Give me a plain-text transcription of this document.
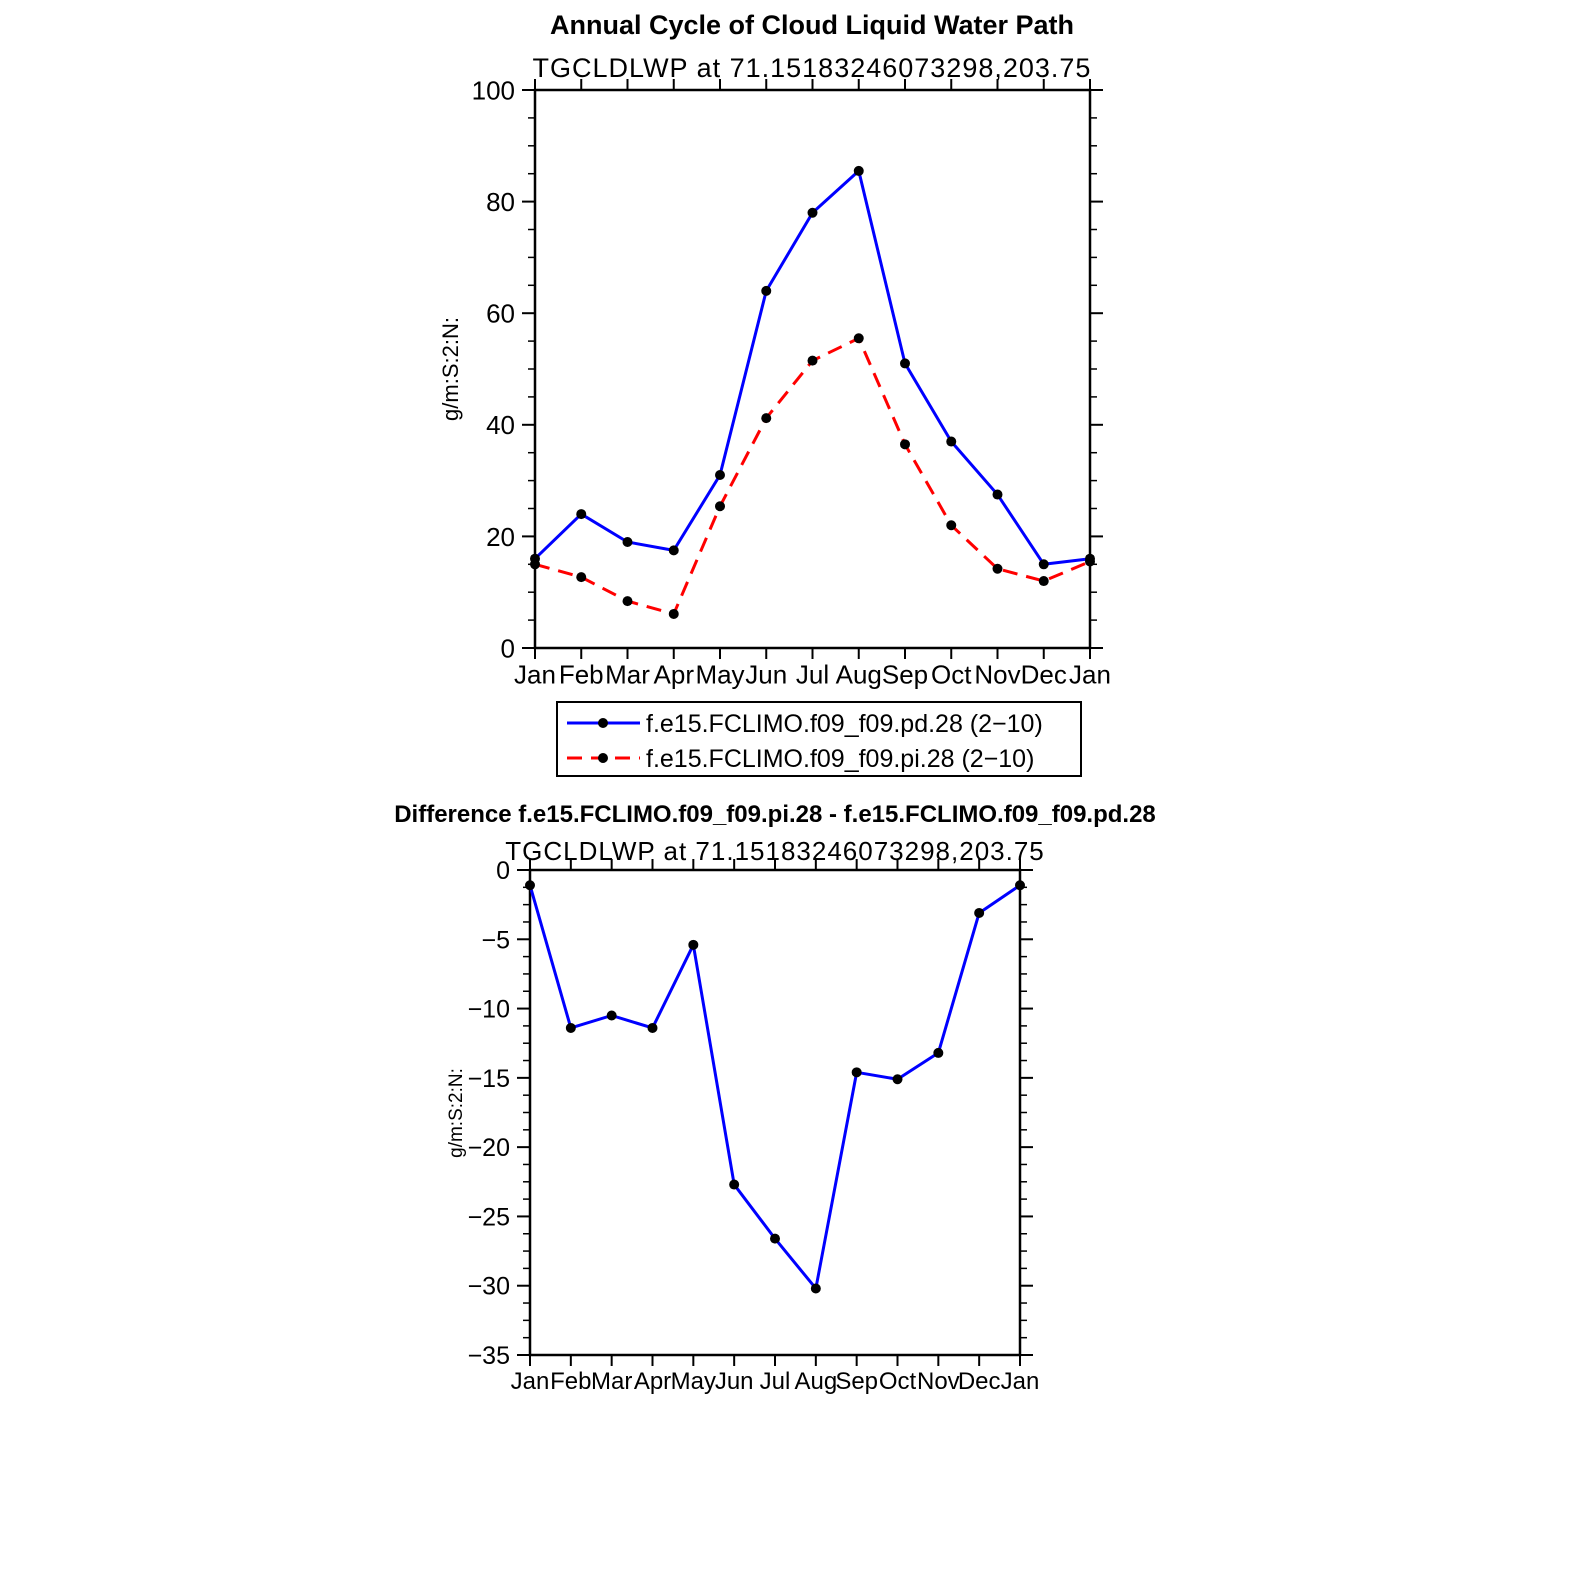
Annual Cycle of Cloud Liquid Water Path
TGCLDLWP at 71.15183246073298,203.75
g/m:S:2:N:
0
20
40
60
80
100
Jan Feb Mar Apr May Jun Jul Aug Sep Oct Nov Dec Jan
f.e15.FCLIMO.f09_f09.pd.28 (2−10)
f.e15.FCLIMO.f09_f09.pi.28 (2−10)
Difference f.e15.FCLIMO.f09_f09.pi.28 - f.e15.FCLIMO.f09_f09.pd.28
TGCLDLWP at 71.15183246073298,203.75
g/m:S:2:N:
0
−5
−10
−15
−20
−25
−30
−35
Jan Feb Mar Apr May
Jun Jul Aug
Sep Oct Nov
Dec Jan
